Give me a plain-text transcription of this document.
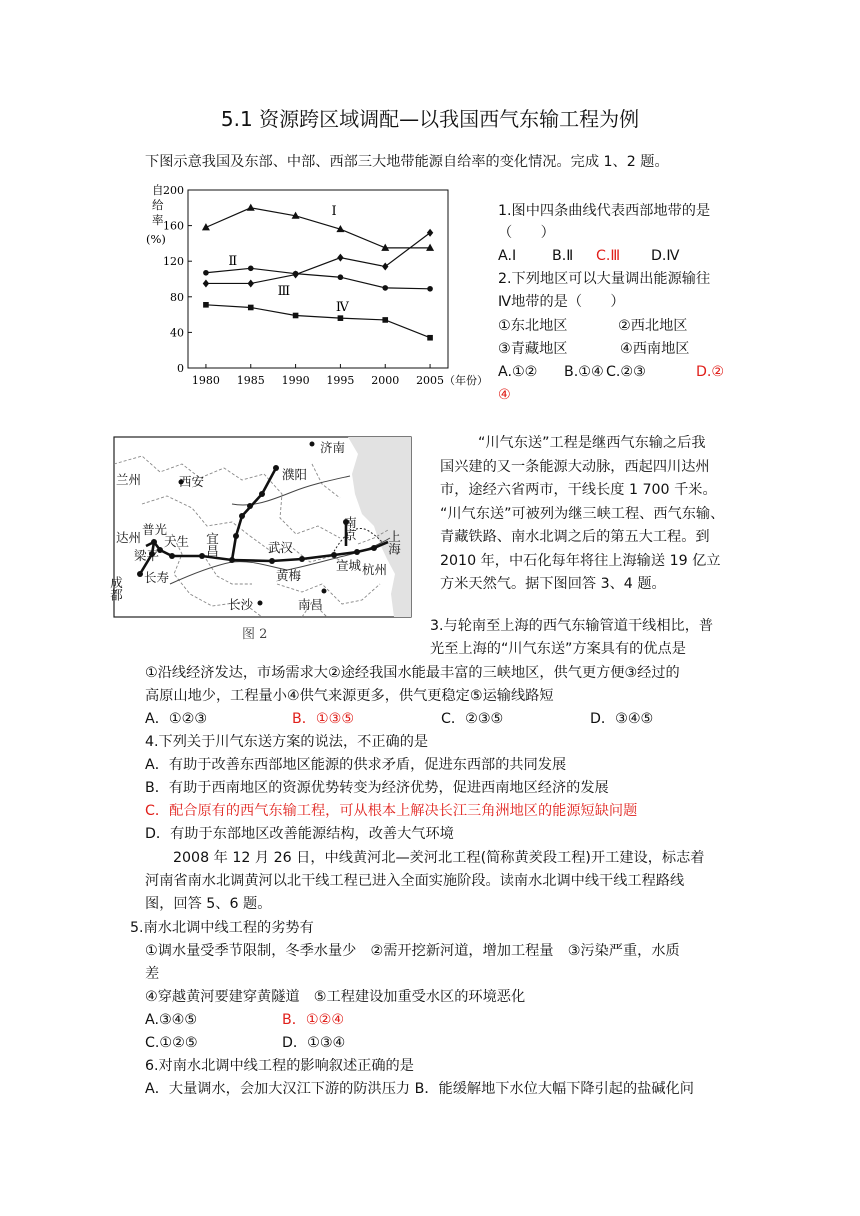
5.1 资源跨区域调配—以我国西气东输工程为例
下图示意我国及东部、中部、西部三大地带能源自给率的变化情况。完成 1、2 题。
0
40
80
120
160
200
1980 1985 1990 1995 2000 2005（年份）
自给率(%)
Ⅰ
Ⅱ
Ⅲ
Ⅳ
1.图中四条曲线代表西部地带的是
（　　）
A.Ⅰ	B.Ⅱ C.Ⅲ D.Ⅳ
2.下列地区可以大量调出能源输往
Ⅳ地带的是（　　）
①东北地区	②西北地区
③青藏地区	④西南地区
A.①② B.①④ C.②③	D.②
④
济南
兰州	西安	濮阳
南京
上海
达州
普光
天生
梁平	宜昌	武汉
宣城 杭州
成都 长寿	黄梅
长沙	南昌
图 2
“川气东送”工程是继西气东输之后我
国兴建的又一条能源大动脉，西起四川达州
市，途经六省两市，干线长度 1 700 千米。
“川气东送”可被列为继三峡工程、西气东输、
青藏铁路、南水北调之后的第五大工程。到
2010 年，中石化每年将往上海输送 19 亿立
方米天然气。据下图回答 3、4 题。
3.与轮南至上海的西气东输管道干线相比，普
光至上海的“川气东送”方案具有的优点是
①沿线经济发达，市场需求大②途经我国水能最丰富的三峡地区，供气更方便③经过的
高原山地少，工程量小④供气来源更多，供气更稳定⑤运输线路短
A．①②③	B．①③⑤	C．②③⑤	D．③④⑤
4.下列关于川气东送方案的说法，不正确的是
A．有助于改善东西部地区能源的供求矛盾，促进东西部的共同发展
B．有助于西南地区的资源优势转变为经济优势，促进西南地区经济的发展
C．配合原有的西气东输工程，可从根本上解决长江三角洲地区的能源短缺问题
D．有助于东部地区改善能源结构，改善大气环境
2008 年 12 月 26 日，中线黄河北—羑河北工程(简称黄羑段工程)开工建设，标志着
河南省南水北调黄河以北干线工程已进入全面实施阶段。读南水北调中线干线工程路线
图，回答 5、6 题。
5.南水北调中线工程的劣势有
①调水量受季节限制，冬季水量少　②需开挖新河道，增加工程量　③污染严重，水质
差
④穿越黄河要建穿黄隧道　⑤工程建设加重受水区的环境恶化
A.③④⑤	B．①②④
C.①②⑤	D．①③④
6.对南水北调中线工程的影响叙述正确的是
A．大量调水，会加大汉江下游的防洪压力 B．能缓解地下水位大幅下降引起的盐碱化问
